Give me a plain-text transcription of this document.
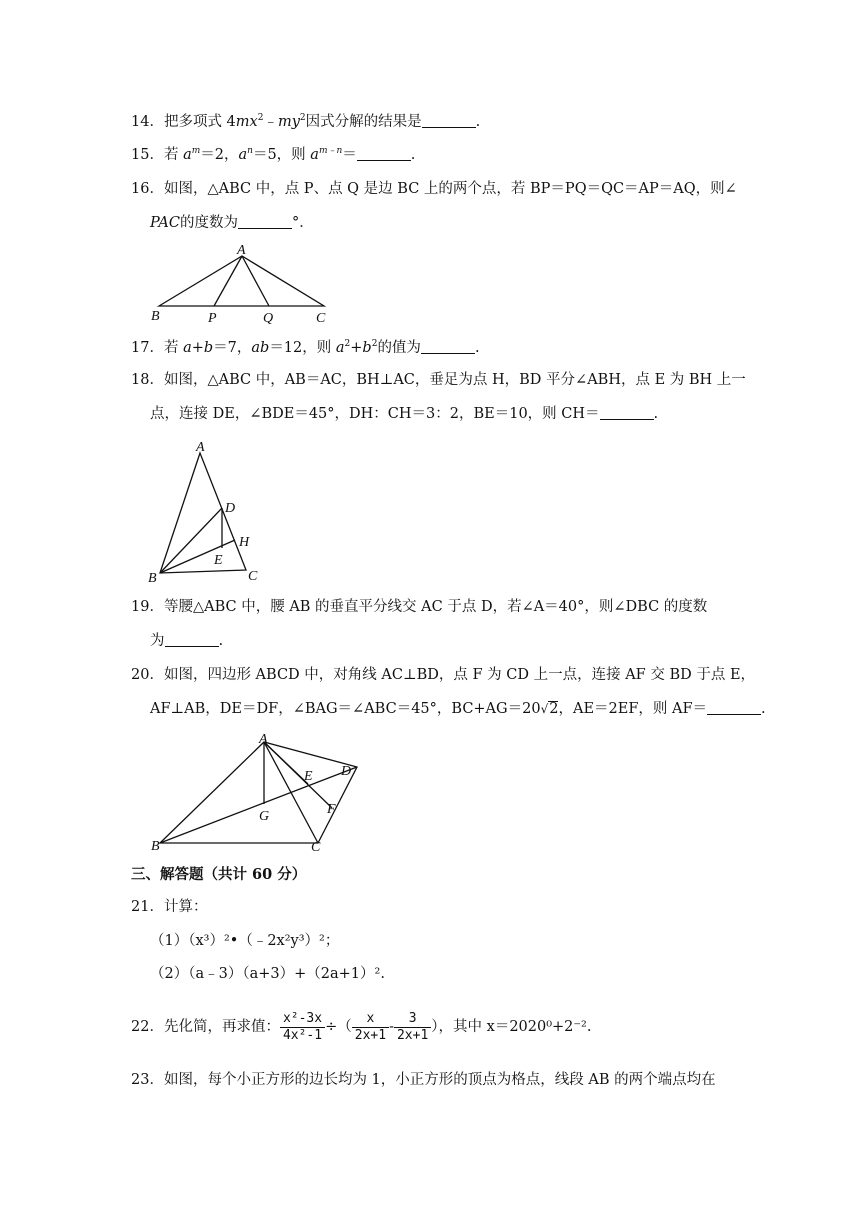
14．把多项式 $4mx^2﹣my^2$因式分解的结果是	.
15．若 $a^m=2$，$a^n=5$，则 $a^{m﹣n}=$	.
16．如图，△ABC 中，点 P、点 Q 是边 BC 上的两个点，若 BP＝PQ＝QC＝AP＝AQ，则∠
PAC的度数为	°．
A
B	P	Q	C
17．若 a+b＝7，ab＝12，则 $a^2+b^2$的值为	.
18．如图，△ABC 中，AB＝AC，BH⊥AC，垂足为点 H，BD 平分∠ABH，点 E 为 BH 上一
点，连接 DE，∠BDE＝45°，DH：CH＝3：2，BE＝10，则 CH＝	.
A
D
H
E
B	C
19．等腰△ABC 中，腰 AB 的垂直平分线交 AC 于点 D，若∠A＝40°，则∠DBC 的度数
为	.
20．如图，四边形 ABCD 中，对角线 AC⊥BD，点 F 为 CD 上一点，连接 AF 交 BD 于点 E，
AF⊥AB，DE＝DF，∠BAG＝∠ABC＝45°，BC+AG＝20√2，AE＝2EF，则 AF＝	.
A
E D
F
G
B	C
三、解答题（共计 60 分）
21．计算：
（1）（x³）²•（﹣2x²y³）²；
（2）（a﹣3）（a+3）+（2a+1）².
22．先化简，再求值： $\frac{\text{x²-3x}}{\text{4x²-1}}$ ÷（ $\frac{x}{2x+1} - \frac{3}{2x+1}$ ），其中 x＝2020⁰+2⁻².
23．如图，每个小正方形的边长均为 1，小正方形的顶点为格点，线段 AB 的两个端点均在
